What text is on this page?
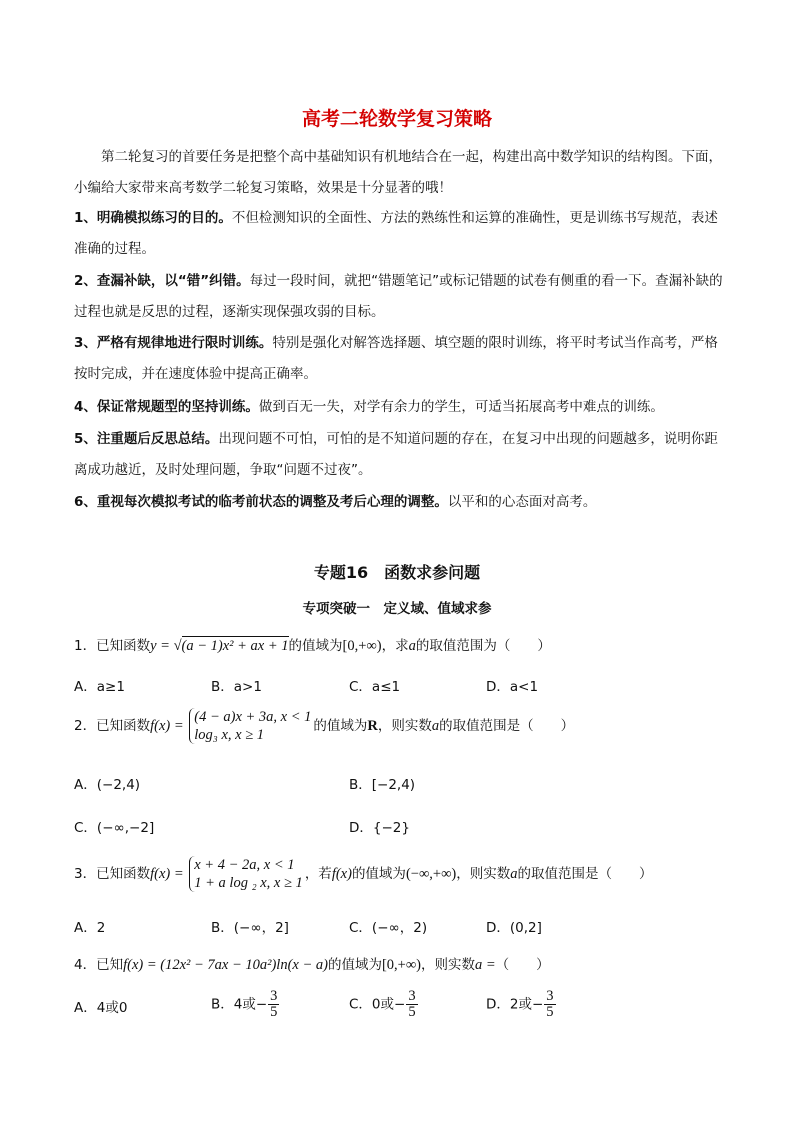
高考二轮数学复习策略
第二轮复习的首要任务是把整个高中基础知识有机地结合在一起，构建出高中数学知识的结构图。下面，小编给大家带来高考数学二轮复习策略，效果是十分显著的哦！
1、明确模拟练习的目的。不但检测知识的全面性、方法的熟练性和运算的准确性，更是训练书写规范，表述准确的过程。
2、查漏补缺，以“错”纠错。每过一段时间，就把“错题笔记”或标记错题的试卷有侧重的看一下。查漏补缺的过程也就是反思的过程，逐渐实现保强攻弱的目标。
3、严格有规律地进行限时训练。特别是强化对解答选择题、填空题的限时训练，将平时考试当作高考，严格按时完成，并在速度体验中提高正确率。
4、保证常规题型的坚持训练。做到百无一失，对学有余力的学生，可适当拓展高考中难点的训练。
5、注重题后反思总结。出现问题不可怕，可怕的是不知道问题的存在，在复习中出现的问题越多，说明你距离成功越近，及时处理问题，争取“问题不过夜”。
6、重视每次模拟考试的临考前状态的调整及考后心理的调整。以平和的心态面对高考。
专题16　函数求参问题
专项突破一　定义域、值域求参
1．已知函数y = √(a − 1)x² + ax + 1的值域为[0,+∞)，求a的取值范围为（　　）
A．a≥1	B．a>1	C．a≤1	D．a<1
2．已知函数f(x) =
(4 − a)x + 3a, x < 1
log₃ x, x ≥ 1
的值域为R，则实数a的取值范围是（　　）
A．(−2,4)	B．[−2,4)
C．(−∞,−2]	D．{−2}
3．已知函数f(x) =
x + 4 − 2a, x < 1
1 + a log ₂ x, x ≥ 1
，若f(x)的值域为(−∞,+∞)，则实数a的取值范围是（　　）
A．2	B．(−∞，2]	C．(−∞，2)	D．(0,2]
4．已知f(x) = (12x² − 7ax − 10a²)ln(x − a)的值域为[0,+∞)，则实数a =（　　）
A．4或0	B．4或− $\frac{3}{5}$	C．0或− $\frac{3}{5}$	D．2或− $\frac{3}{5}$
